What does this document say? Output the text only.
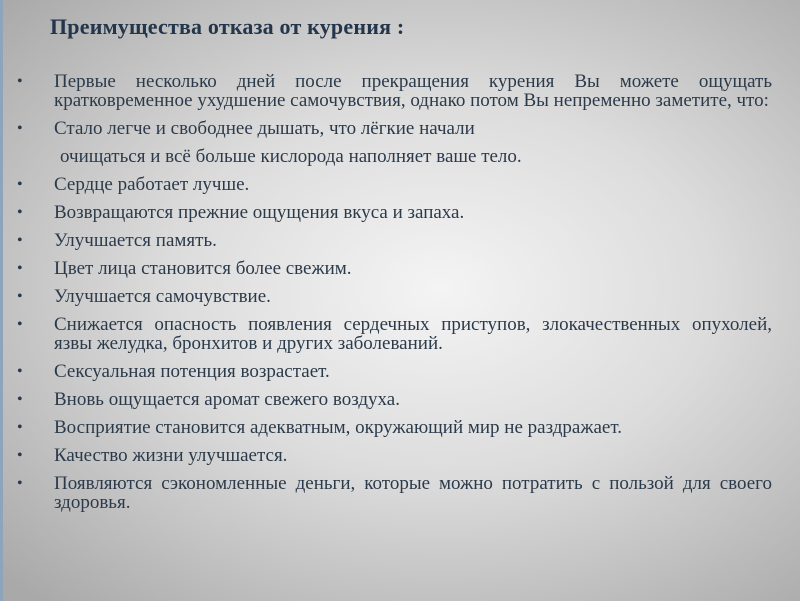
Преимущества отказа от курения :
• Первые несколько дней после прекращения курения Вы можете ощущать кратковременное ухудшение самочувствия, однако потом Вы непременно заметите, что:
• Стало легче и свободнее дышать, что лёгкие начали
очищаться и всё больше кислорода наполняет ваше тело.
• Сердце работает лучше.
• Возвращаются прежние ощущения вкуса и запаха.
• Улучшается память.
• Цвет лица становится более свежим.
• Улучшается самочувствие.
• Снижается опасность появления сердечных приступов, злокачественных опухолей, язвы желудка, бронхитов и других заболеваний.
• Сексуальная потенция возрастает.
• Вновь ощущается аромат свежего воздуха.
• Восприятие становится адекватным, окружающий мир не раздражает.
• Качество жизни улучшается.
• Появляются сэкономленные деньги, которые можно потратить с пользой для своего здоровья.
